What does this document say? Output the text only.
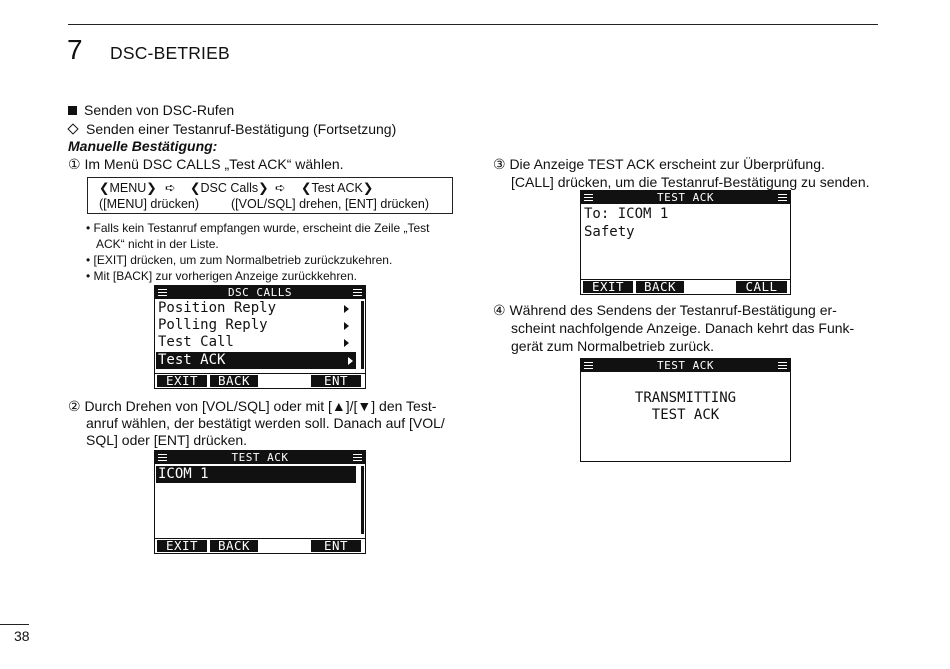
7 DSC-BETRIEB
Senden von DSC-Rufen
Senden einer Testanruf-Bestätigung (Fortsetzung)
Manuelle Bestätigung:
① Im Menü DSC CALLS „Test ACK“ wählen.
❮MENU❯ ➪ ❮DSC Calls❯ ➪ ❮Test ACK❯
([MENU] drücken)	([VOL/SQL] drehen, [ENT] drücken)
• Falls kein Testanruf empfangen wurde, erscheint die Zeile „Test
ACK“ nicht in der Liste.
• [EXIT] drücken, um zum Normalbetrieb zurückzukehren.
• Mit [BACK] zur vorherigen Anzeige zurückkehren.
DSC CALLS
Position Reply
Polling Reply
Test Call
Test ACK
EXIT	BACK	ENT
② Durch Drehen von [VOL/SQL] oder mit [▲]/[▼] den Test-
anruf wählen, der bestätigt werden soll. Danach auf [VOL/
SQL] oder [ENT] drücken.
TEST ACK
ICOM 1
EXIT	BACK	ENT
③ Die Anzeige TEST ACK erscheint zur Überprüfung.
[CALL] drücken, um die Testanruf-Bestätigung zu senden.
TEST ACK
To: ICOM 1
Safety
EXIT	BACK	CALL
④ Während des Sendens der Testanruf-Bestätigung er-
scheint nachfolgende Anzeige. Danach kehrt das Funk-
gerät zum Normalbetrieb zurück.
TEST ACK
TRANSMITTING
TEST ACK
38
